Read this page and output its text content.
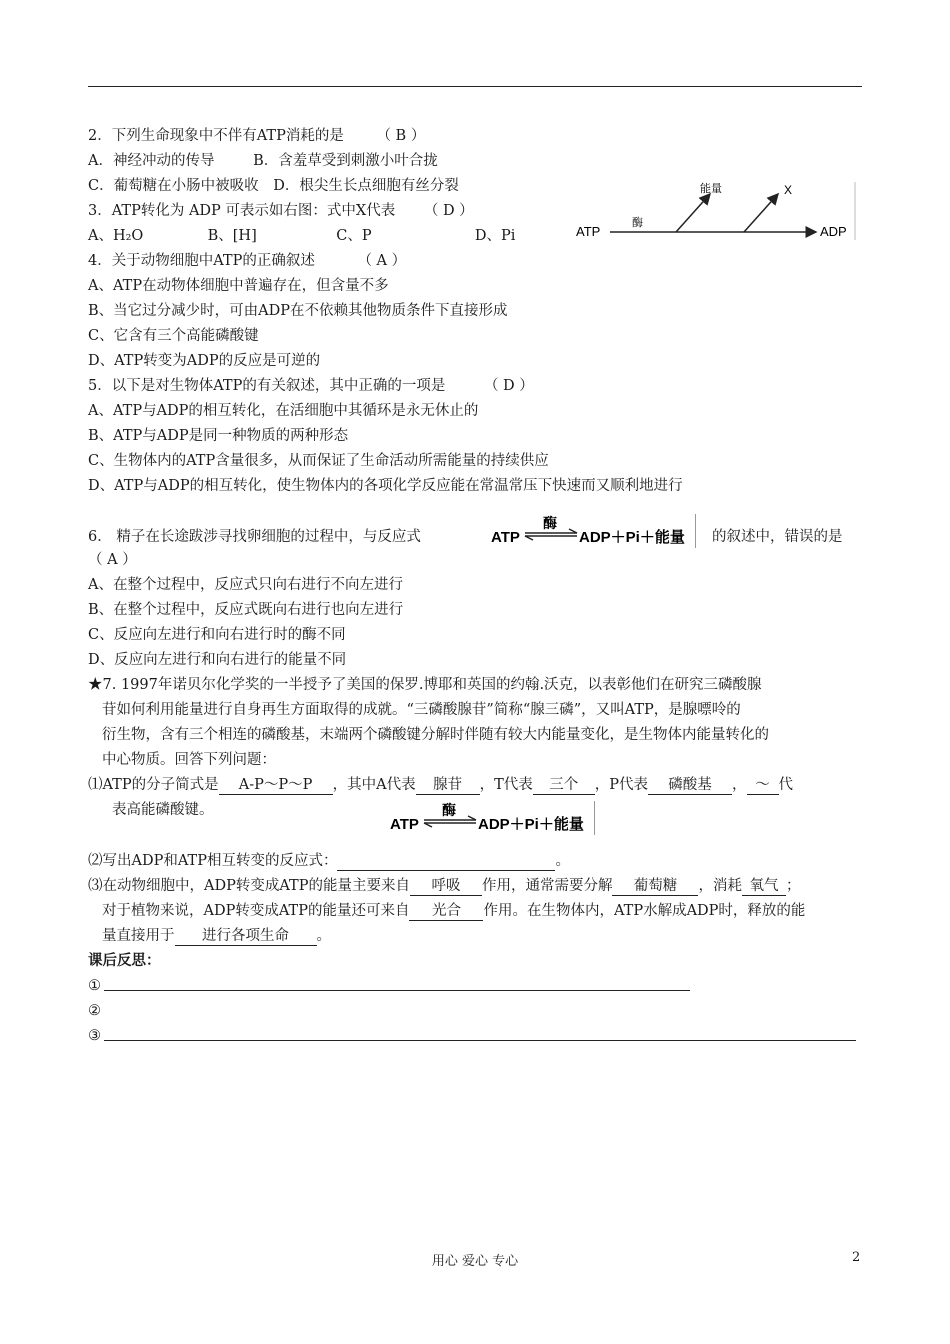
2．下列生命现象中不伴有ATP消耗的是 （ B ）
A．神经冲动的传导	B．含羞草受到刺激小叶合拢
C．葡萄糖在小肠中被吸收 D．根尖生长点细胞有丝分裂
3．ATP转化为 ADP 可表示如右图：式中X代表 （ D ）
A、H₂O	B、[H]	C、P	D、Pi	ATP	ADP
酶
能量	X
4．关于动物细胞中ATP的正确叙述	（ A ）
A、ATP在动物体细胞中普遍存在，但含量不多
B、当它过分减少时，可由ADP在不依赖其他物质条件下直接形成
C、它含有三个高能磷酸键
D、ATP转变为ADP的反应是可逆的
5．以下是对生物体ATP的有关叙述，其中正确的一项是	（ D ）
A、ATP与ADP的相互转化，在活细胞中其循环是永无休止的
B、ATP与ADP是同一种物质的两种形态
C、生物体内的ATP含量很多，从而保证了生命活动所需能量的持续供应
D、ATP与ADP的相互转化，使生物体内的各项化学反应能在常温常压下快速而又顺利地进行
6． 精子在长途跋涉寻找卵细胞的过程中，与反应式	ATP
酶
ADP＋Pi＋能量 的叙述中，错误的是
（ A ）
A、在整个过程中，反应式只向右进行不向左进行
B、在整个过程中，反应式既向右进行也向左进行
C、反应向左进行和向右进行时的酶不同
D、反应向左进行和向右进行的能量不同
★7. 1997年诺贝尔化学奖的一半授予了美国的保罗.博耶和英国的约翰.沃克，以表彰他们在研究三磷酸腺
苷如何利用能量进行自身再生方面取得的成就。“三磷酸腺苷”简称“腺三磷”，又叫ATP，是腺嘌呤的
衍生物，含有三个相连的磷酸基，末端两个磷酸键分解时伴随有较大内能量变化，是生物体内能量转化的
中心物质。回答下列问题：
⑴ATP的分子简式是 A-P～P～P ，其中A代表 腺苷 ，T代表 三个 ，P代表 磷酸基 ， ～ 代
表高能磷酸键。
ATP
酶
ADP＋Pi＋能量
⑵写出ADP和ATP相互转变的反应式：	。
⑶在动物细胞中，ADP转变成ATP的能量主要来自 呼吸 作用，通常需要分解 葡萄糖 ，消耗 氧气 ；
对于植物来说，ADP转变成ATP的能量还可来自 光合 作用。在生物体内，ATP水解成ADP时，释放的能
量直接用于 进行各项生命 。
课后反思：
①
②
③
用心 爱心 专心	2
